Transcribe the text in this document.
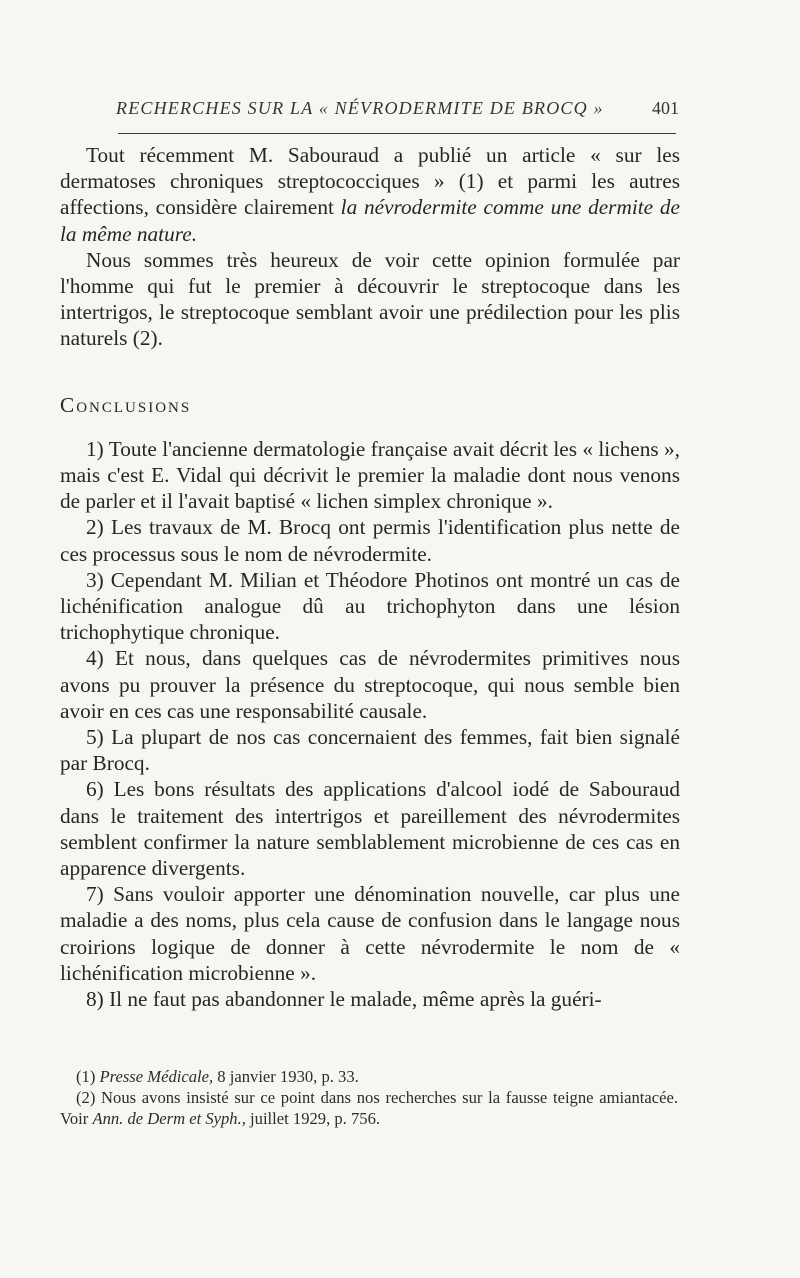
RECHERCHES SUR LA « NÉVRODERMITE DE BROCQ »	401

Tout récemment M. Sabouraud a publié un article « sur les dermatoses chroniques streptococciques » (1) et parmi les autres affections, considère clairement la névrodermite comme une dermite de la même nature.

Nous sommes très heureux de voir cette opinion formulée par l'homme qui fut le premier à découvrir le streptocoque dans les intertrigos, le streptocoque semblant avoir une prédilection pour les plis naturels (2).

Conclusions

1) Toute l'ancienne dermatologie française avait décrit les « lichens », mais c'est E. Vidal qui décrivit le premier la maladie dont nous venons de parler et il l'avait baptisé « lichen simplex chronique ».

2) Les travaux de M. Brocq ont permis l'identification plus nette de ces processus sous le nom de névrodermite.

3) Cependant M. Milian et Théodore Photinos ont montré un cas de lichénification analogue dû au trichophyton dans une lésion trichophytique chronique.

4) Et nous, dans quelques cas de névrodermites primitives nous avons pu prouver la présence du streptocoque, qui nous semble bien avoir en ces cas une responsabilité causale.

5) La plupart de nos cas concernaient des femmes, fait bien signalé par Brocq.

6) Les bons résultats des applications d'alcool iodé de Sabouraud dans le traitement des intertrigos et pareillement des névrodermites semblent confirmer la nature semblablement microbienne de ces cas en apparence divergents.

7) Sans vouloir apporter une dénomination nouvelle, car plus une maladie a des noms, plus cela cause de confusion dans le langage nous croirions logique de donner à cette névrodermite le nom de « lichénification microbienne ».

8) Il ne faut pas abandonner le malade, même après la guéri-

(1) Presse Médicale, 8 janvier 1930, p. 33.

(2) Nous avons insisté sur ce point dans nos recherches sur la fausse teigne amiantacée. Voir Ann. de Derm et Syph., juillet 1929, p. 756.
